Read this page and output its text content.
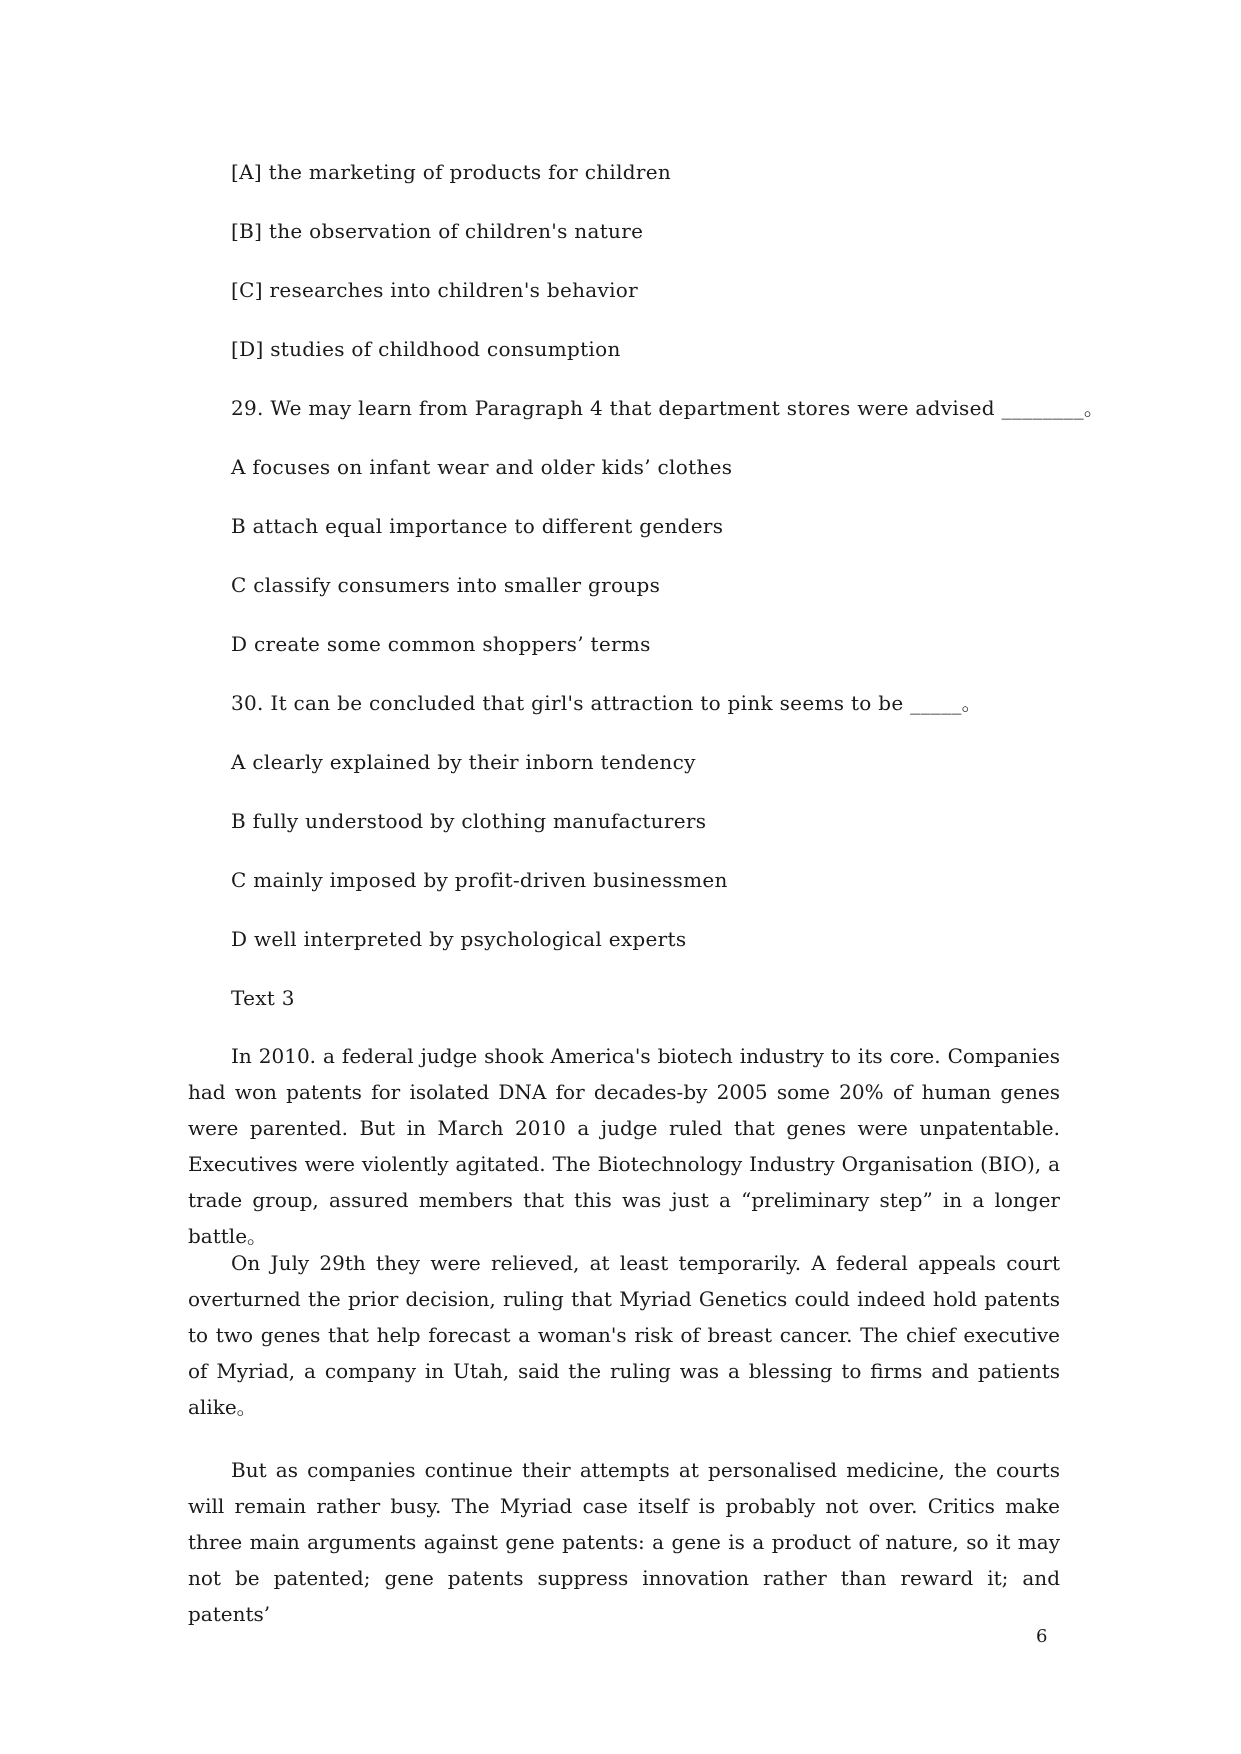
[A] the marketing of products for children
[B] the observation of children's nature
[C] researches into children's behavior
[D] studies of childhood consumption
29. We may learn from Paragraph 4 that department stores were advised ________。
A focuses on infant wear and older kids’ clothes
B attach equal importance to different genders
C classify consumers into smaller groups
D create some common shoppers’ terms
30. It can be concluded that girl's attraction to pink seems to be _____。
A clearly explained by their inborn tendency
B fully understood by clothing manufacturers
C mainly imposed by profit-driven businessmen
D well interpreted by psychological experts
Text 3

In 2010. a federal judge shook America's biotech industry to its core. Companies had won patents for isolated DNA for decades-by 2005 some 20% of human genes were parented. But in March 2010 a judge ruled that genes were unpatentable. Executives were violently agitated. The Biotechnology Industry Organisation (BIO), a trade group, assured members that this was just a “preliminary step” in a longer battle。

On July 29th they were relieved, at least temporarily. A federal appeals court overturned the prior decision, ruling that Myriad Genetics could indeed hold patents to two genes that help forecast a woman's risk of breast cancer. The chief executive of Myriad, a company in Utah, said the ruling was a blessing to firms and patients alike。

But as companies continue their attempts at personalised medicine, the courts will remain rather busy. The Myriad case itself is probably not over. Critics make three main arguments against gene patents: a gene is a product of nature, so it may not be patented; gene patents suppress innovation rather than reward it; and patents’

6
